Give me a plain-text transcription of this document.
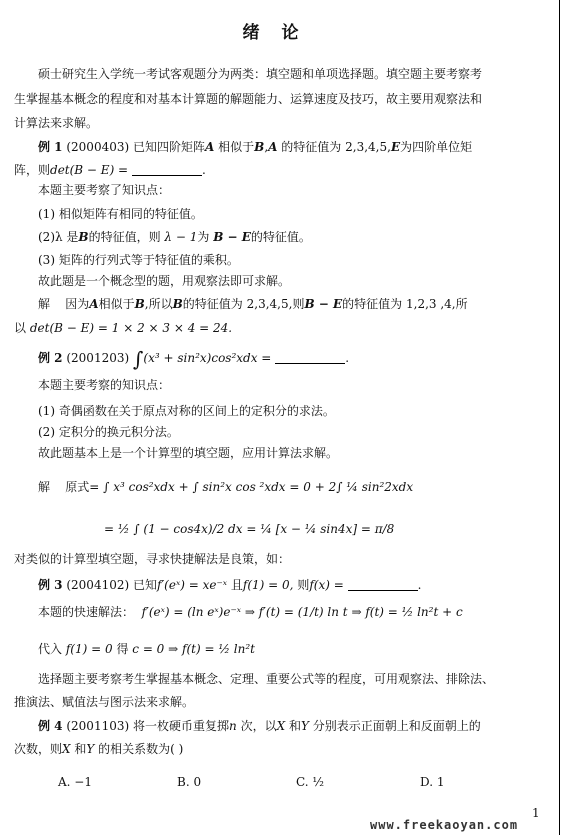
绪论
硕士研究生入学统一考试客观题分为两类：填空题和单项选择题。填空题主要考察考
生掌握基本概念的程度和对基本计算题的解题能力、运算速度及技巧，故主要用观察法和
计算法来求解。
例 1 (2000403) 已知四阶矩阵A 相似于B,A 的特征值为 2,3,4,5,E为四阶单位矩
阵，则det(B − E) =	.
本题主要考察了知识点：
(1) 相似矩阵有相同的特征值。
(2)λ 是B的特征值，则 λ − 1为 B − E的特征值。
(3) 矩阵的行列式等于特征值的乘积。
故此题是一个概念型的题，用观察法即可求解。
解 因为A相似于B,所以B的特征值为 2,3,4,5,则B − E的特征值为 1,2,3 ,4,所
以 det(B − E) = 1 × 2 × 3 × 4 = 24.
例 2 (2001203) ∫(x³ + sin²x)cos²xdx =	.
本题主要考察的知识点：
(1) 奇偶函数在关于原点对称的区间上的定积分的求法。
(2) 定积分的换元积分法。
故此题基本上是一个计算型的填空题，应用计算法求解。
解 原式= ∫ x³ cos²xdx + ∫ sin²x cos ²xdx = 0 + 2∫ ¼ sin²2xdx
= ½ ∫ (1 − cos4x)/2 dx = ¼ [x − ¼ sin4x] = π/8
对类似的计算型填空题，寻求快捷解法是良策，如：
例 3 (2004102) 已知f′(eˣ) = xe⁻ˣ 且f(1) = 0, 则f(x) =	.
本题的快速解法： f′(eˣ) = (ln eˣ)e⁻ˣ ⇒ f′(t) = (1/t) ln t ⇒ f(t) = ½ ln²t + c
代入 f(1) = 0 得 c = 0 ⇒ f(t) = ½ ln²t
选择题主要考察考生掌握基本概念、定理、重要公式等的程度，可用观察法、排除法、
推演法、赋值法与图示法来求解。
例 4 (2001103) 将一枚硬币重复掷n 次，以X 和Y 分别表示正面朝上和反面朝上的
次数，则X 和Y 的相关系数为( )
A. −1	B. 0	C. ½	D. 1
1
www.freekaoyan.com
